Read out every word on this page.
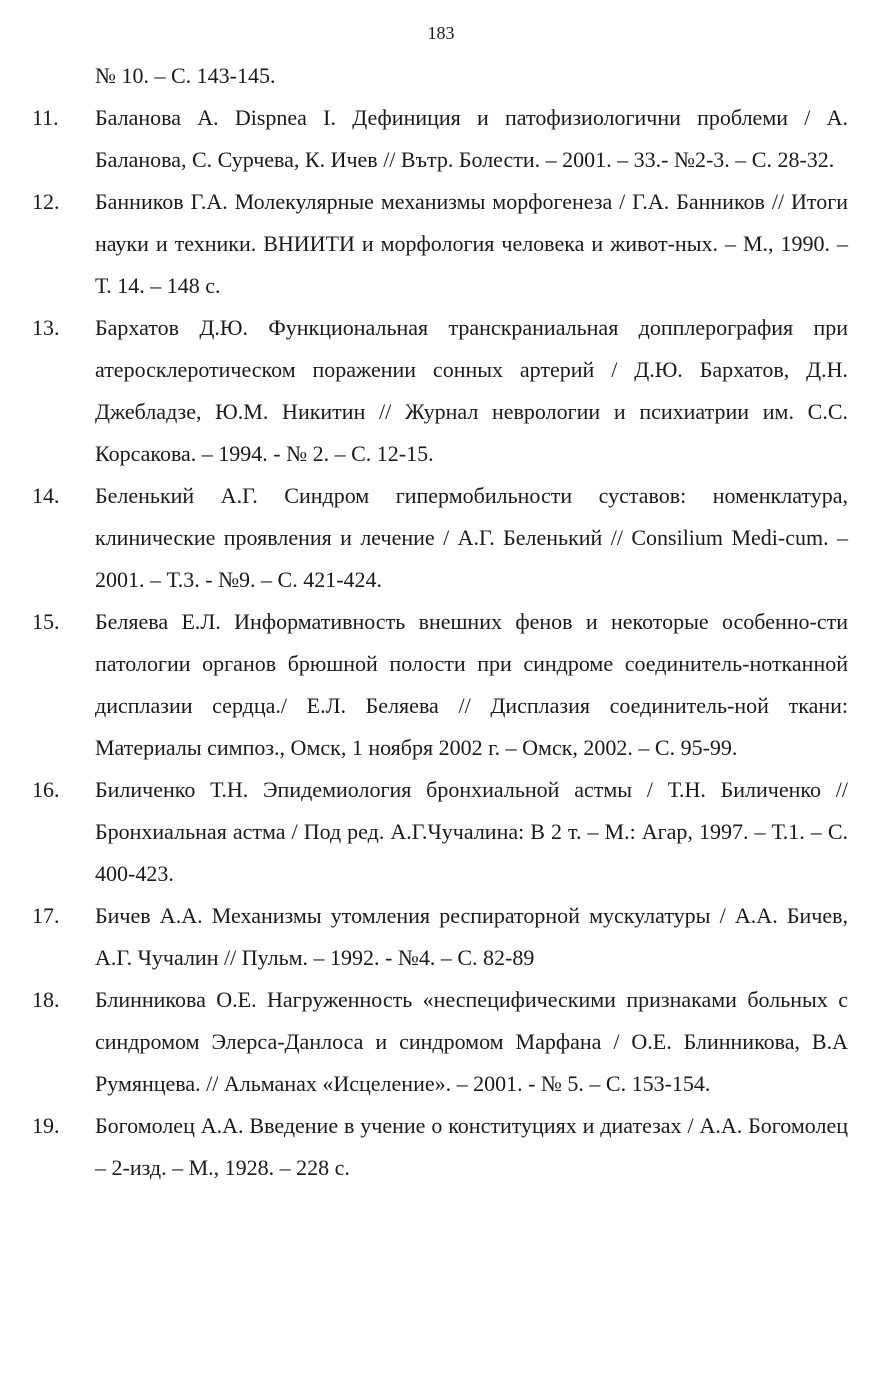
183
№ 10. – С. 143-145.
11. Баланова А. Dispnea I. Дефиниция и патофизиологични проблеми / А. Баланова, С. Сурчева, К. Ичев // Вътр. Болести. – 2001. – 33.- №2-3. – С. 28-32.
12. Банников Г.А. Молекулярные механизмы морфогенеза / Г.А. Банников // Итоги науки и техники. ВНИИТИ и морфология человека и живот-ных. – М., 1990. – Т. 14. – 148 с.
13. Бархатов Д.Ю. Функциональная транскраниальная допплерография при атеросклеротическом поражении сонных артерий / Д.Ю. Бархатов, Д.Н. Джебладзе, Ю.М. Никитин // Журнал неврологии и психиатрии им. С.С. Корсакова. – 1994. - № 2. – С. 12-15.
14. Беленький А.Г. Синдром гипермобильности суставов: номенклатура, клинические проявления и лечение / А.Г. Беленький // Consilium Medi-cum. – 2001. – Т.3. - №9. – С. 421-424.
15. Беляева Е.Л. Информативность внешних фенов и некоторые особенно-сти патологии органов брюшной полости при синдроме соединитель-нотканной дисплазии сердца./ Е.Л. Беляева // Дисплазия соединитель-ной ткани: Материалы симпоз., Омск, 1 ноября 2002 г. – Омск, 2002. – С. 95-99.
16. Биличенко Т.Н. Эпидемиология бронхиальной астмы / Т.Н. Биличенко // Бронхиальная астма / Под ред. А.Г.Чучалина: В 2 т. – М.: Агар, 1997. – Т.1. – С. 400-423.
17. Бичев А.А. Механизмы утомления респираторной мускулатуры / А.А. Бичев, А.Г. Чучалин // Пульм. – 1992. - №4. – С. 82-89
18. Блинникова О.Е. Нагруженность «неспецифическими признаками больных с синдромом Элерса-Данлоса и синдромом Марфана / О.Е. Блинникова, В.А Румянцева. // Альманах «Исцеление». – 2001. - № 5. – С. 153-154.
19. Богомолец А.А. Введение в учение о конституциях и диатезах / А.А. Богомолец – 2-изд. – М., 1928. – 228 с.
